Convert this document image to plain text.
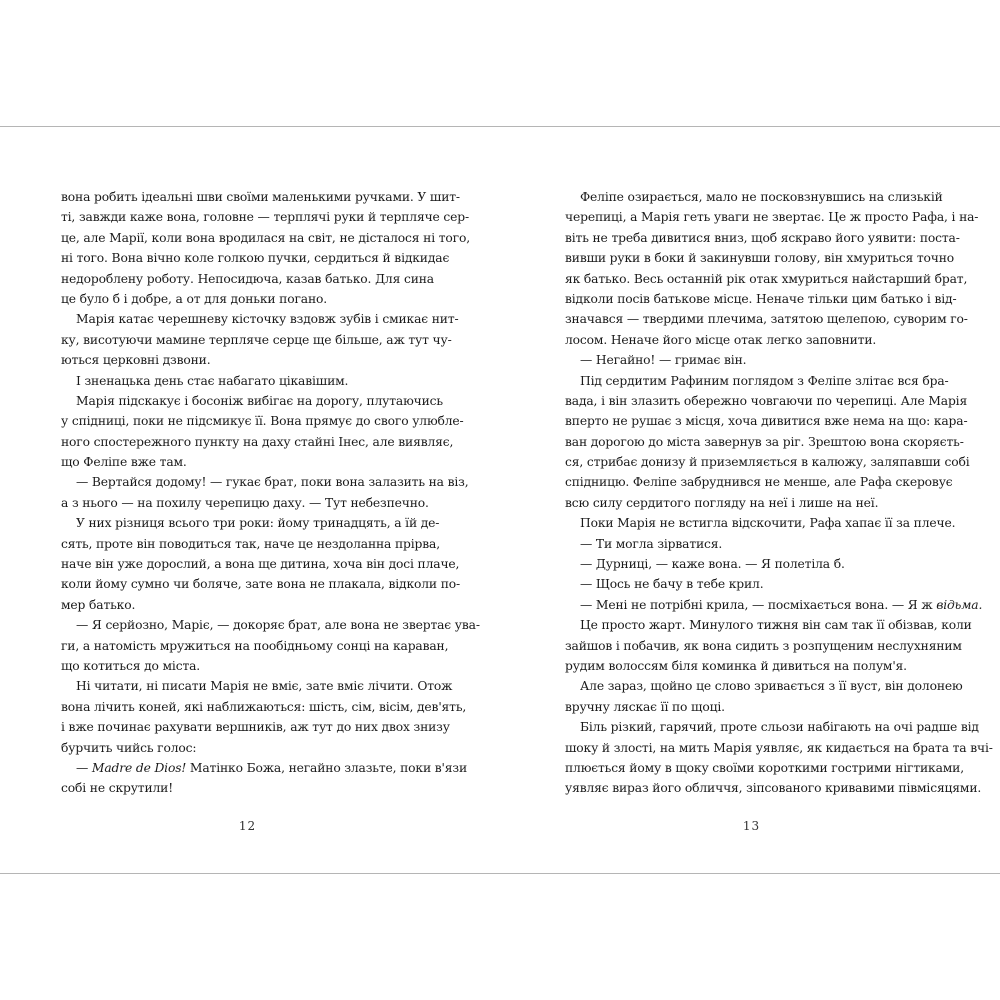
вона робить ідеальні шви своїми маленькими ручками. У шит-
ті, завжди каже вона, головне — терплячі руки й терпляче сер-
це, але Марії, коли вона вродилася на світ, не дісталося ні того,
ні того. Вона вічно коле голкою пучки, сердиться й відкидає
недороблену роботу. Непосидюча, казав батько. Для сина
це було б і добре, а от для доньки погано.
Марія катає черешневу кісточку вздовж зубів і смикає нит-
ку, висотуючи мамине терпляче серце ще більше, аж тут чу-
ються церковні дзвони.
І зненацька день стає набагато цікавішим.
Марія підскакує і босоніж вибігає на дорогу, плутаючись
у спідниці, поки не підсмикує її. Вона прямує до свого улюбле-
ного спостережного пункту на даху стайні Інес, але виявляє,
що Феліпе вже там.
— Вертайся додому! — гукає брат, поки вона залазить на віз,
а з нього — на похилу черепицю даху. — Тут небезпечно.
У них різниця всього три роки: йому тринадцять, а їй де-
сять, проте він поводиться так, наче це нездоланна прірва,
наче він уже дорослий, а вона ще дитина, хоча він досі плаче,
коли йому сумно чи боляче, зате вона не плакала, відколи по-
мер батько.
— Я серйозно, Маріє, — докоряє брат, але вона не звертає ува-
ги, а натомість мружиться на пообідньому сонці на караван,
що котиться до міста.
Ні читати, ні писати Марія не вміє, зате вміє лічити. Отож
вона лічить коней, які наближаються: шість, сім, вісім, дев'ять,
і вже починає рахувати вершників, аж тут до них двох знизу
бурчить чийсь голос:
— Madre de Dios! Матінко Божа, негайно злазьте, поки в'язи
собі не скрутили!
12
Феліпе озирається, мало не посковзнувшись на слизькій
черепиці, а Марія геть уваги не звертає. Це ж просто Рафа, і на-
віть не треба дивитися вниз, щоб яскраво його уявити: поста-
вивши руки в боки й закинувши голову, він хмуриться точно
як батько. Весь останній рік отак хмуриться найстарший брат,
відколи посів батькове місце. Неначе тільки цим батько і від-
значався — твердими плечима, затятою щелепою, суворим го-
лосом. Неначе його місце отак легко заповнити.
— Негайно! — гримає він.
Під сердитим Рафиним поглядом з Феліпе злітає вся бра-
вада, і він злазить обережно човгаючи по черепиці. Але Марія
вперто не рушає з місця, хоча дивитися вже нема на що: кара-
ван дорогою до міста завернув за ріг. Зрештою вона скоряєть-
ся, стрибає донизу й приземляється в калюжу, заляпавши собі
спідницю. Феліпе забруднився не менше, але Рафа скеровує
всю силу сердитого погляду на неї і лише на неї.
Поки Марія не встигла відскочити, Рафа хапає її за плече.
— Ти могла зірватися.
— Дурниці, — каже вона. — Я полетіла б.
— Щось не бачу в тебе крил.
— Мені не потрібні крила, — посміхається вона. — Я ж відьма.
Це просто жарт. Минулого тижня він сам так її обізвав, коли
зайшов і побачив, як вона сидить з розпущеним неслухняним
рудим волоссям біля коминка й дивиться на полум'я.
Але зараз, щойно це слово зривається з її вуст, він долонею
вручну ляскає її по щоці.
Біль різкий, гарячий, проте сльози набігають на очі радше від
шоку й злості, на мить Марія уявляє, як кидається на брата та вчі-
плюється йому в щоку своїми короткими гострими нігтиками,
уявляє вираз його обличчя, зіпсованого кривавими півмісяцями.
13
